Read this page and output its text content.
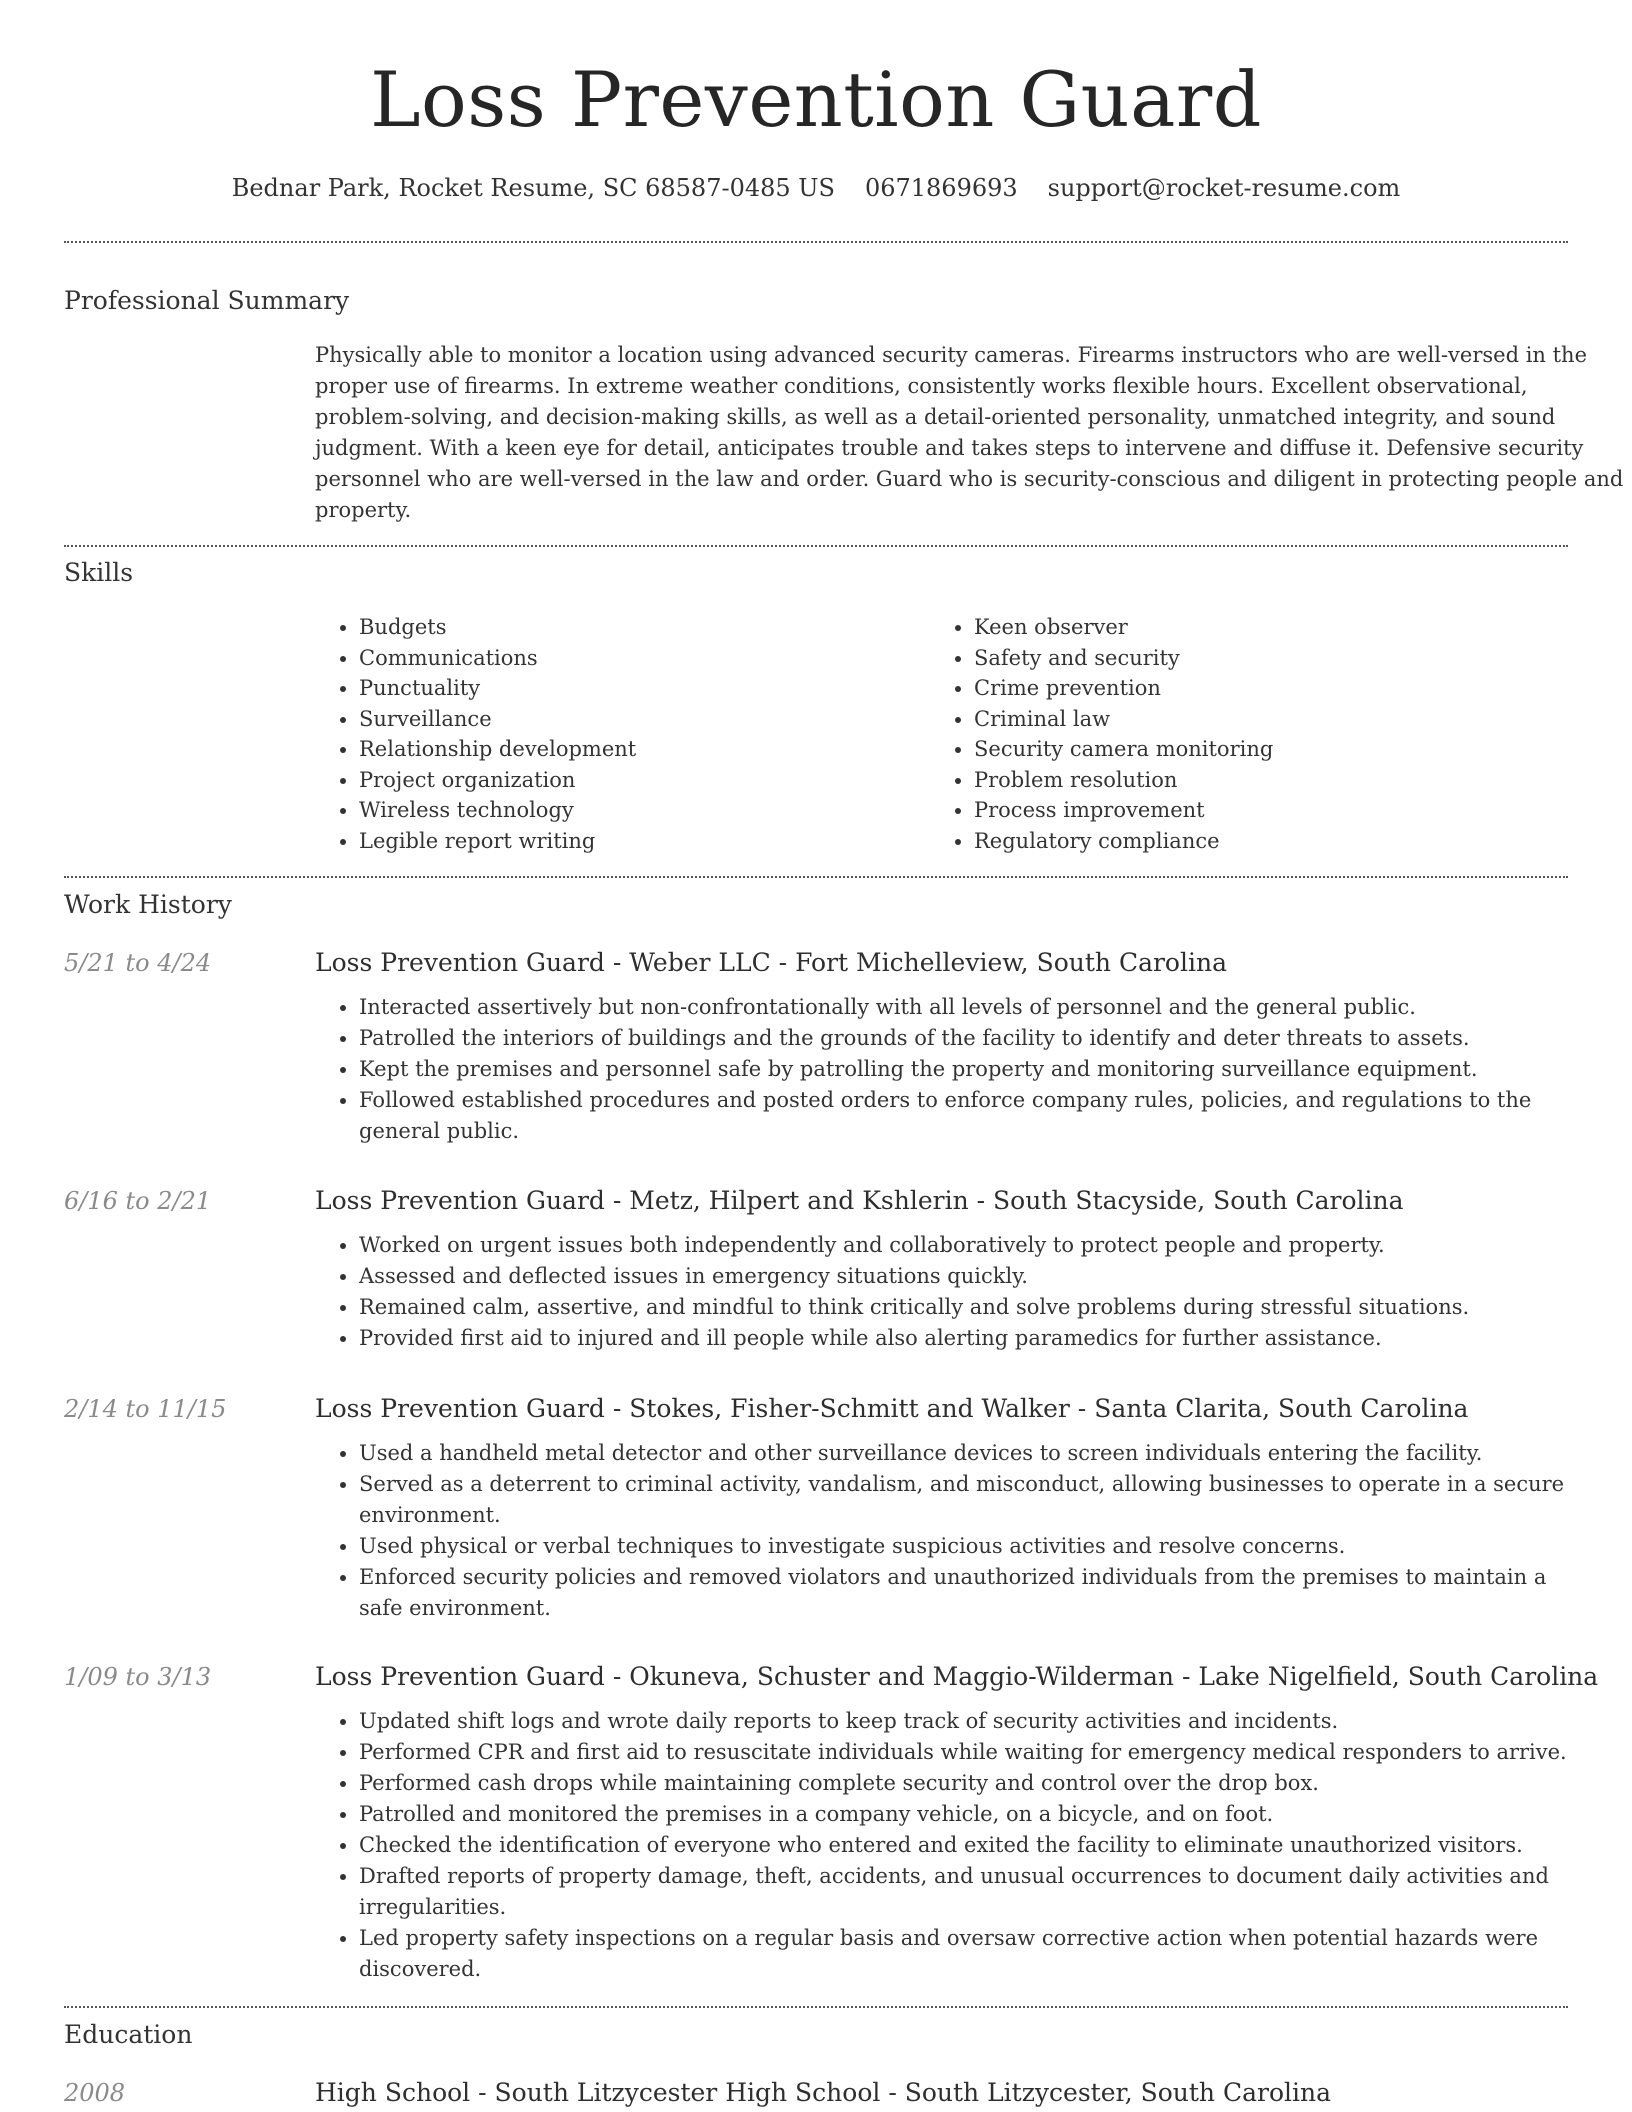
Loss Prevention Guard
Bednar Park, Rocket Resume, SC 68587-0485 US 0671869693 support@rocket-resume.com
Professional Summary

Physically able to monitor a location using advanced security cameras. Firearms instructors who are well-versed in the proper use of firearms. In extreme weather conditions, consistently works flexible hours. Excellent observational, problem-solving, and decision-making skills, as well as a detail-oriented personality, unmatched integrity, and sound judgment. With a keen eye for detail, anticipates trouble and takes steps to intervene and diffuse it. Defensive security personnel who are well-versed in the law and order. Guard who is security-conscious and diligent in protecting people and property.

Skills
• Budgets
• Communications
• Punctuality
• Surveillance
• Relationship development
• Project organization
• Wireless technology
• Legible report writing
• Keen observer
• Safety and security
• Crime prevention
• Criminal law
• Security camera monitoring
• Problem resolution
• Process improvement
• Regulatory compliance
Work History
5/21 to 4/24	Loss Prevention Guard - Weber LLC - Fort Michelleview, South Carolina
• Interacted assertively but non-confrontationally with all levels of personnel and the general public.
• Patrolled the interiors of buildings and the grounds of the facility to identify and deter threats to assets.
• Kept the premises and personnel safe by patrolling the property and monitoring surveillance equipment.
• Followed established procedures and posted orders to enforce company rules, policies, and regulations to the general public.
6/16 to 2/21	Loss Prevention Guard - Metz, Hilpert and Kshlerin - South Stacyside, South Carolina
• Worked on urgent issues both independently and collaboratively to protect people and property.
• Assessed and deflected issues in emergency situations quickly.
• Remained calm, assertive, and mindful to think critically and solve problems during stressful situations.
• Provided first aid to injured and ill people while also alerting paramedics for further assistance.
2/14 to 11/15	Loss Prevention Guard - Stokes, Fisher-Schmitt and Walker - Santa Clarita, South Carolina
• Used a handheld metal detector and other surveillance devices to screen individuals entering the facility.
• Served as a deterrent to criminal activity, vandalism, and misconduct, allowing businesses to operate in a secure environment.
• Used physical or verbal techniques to investigate suspicious activities and resolve concerns.
• Enforced security policies and removed violators and unauthorized individuals from the premises to maintain a safe environment.
1/09 to 3/13	Loss Prevention Guard - Okuneva, Schuster and Maggio-Wilderman - Lake Nigelfield, South Carolina
• Updated shift logs and wrote daily reports to keep track of security activities and incidents.
• Performed CPR and first aid to resuscitate individuals while waiting for emergency medical responders to arrive.
• Performed cash drops while maintaining complete security and control over the drop box.
• Patrolled and monitored the premises in a company vehicle, on a bicycle, and on foot.
• Checked the identification of everyone who entered and exited the facility to eliminate unauthorized visitors.
• Drafted reports of property damage, theft, accidents, and unusual occurrences to document daily activities and irregularities.
• Led property safety inspections on a regular basis and oversaw corrective action when potential hazards were discovered.
Education
2008	High School - South Litzycester High School - South Litzycester, South Carolina
